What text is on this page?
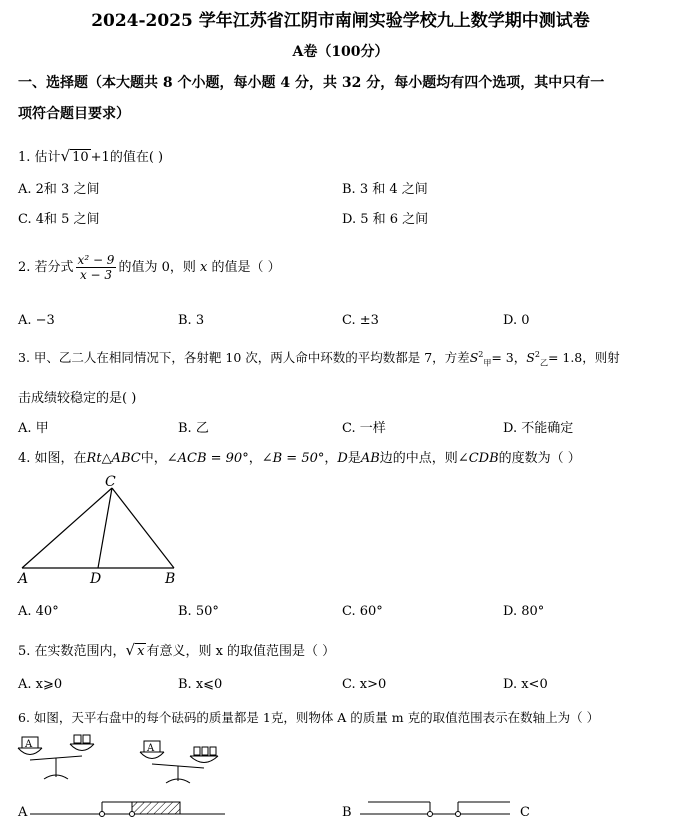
2024-2025 学年江苏省江阴市南闸实验学校九上数学期中测试卷
A卷（100分）
一、选择题（本大题共 8 个小题，每小题 4 分，共 32 分，每小题均有四个选项，其中只有一
项符合题目要求）
1. 估计√ 10 +1的值在( )
A. 2和 3 之间	B. 3 和 4 之间
C. 4和 5 之间	D. 5 和 6 之间
2. 若分式 $\frac{\text{x² − 9}}{x - 3}$ 的值为 0，则 x 的值是（ ）
A. −3	B. 3	C. ±3	D. 0
3. 甲、乙二人在相同情况下，各射靶 10 次，两人命中环数的平均数都是 7，方差$S^2_甲= 3$，$S^2_乙= 1.8$，则射
击成绩较稳定的是( )
A. 甲	B. 乙	C. 一样	D. 不能确定
4. 如图，在Rt△ABC中，∠ACB = 90°，∠B = 50°，D是AB边的中点，则∠CDB的度数为（ ）
C
A	D	B
A. 40°	B. 50°	C. 60°	D. 80°
5. 在实数范围内，√ x 有意义，则 x 的取值范围是（ ）
A. x⩾0	B. x⩽0	C. x>0	D. x<0
6. 如图，天平右盘中的每个砝码的质量都是 1克，则物体 A 的质量 m 克的取值范围表示在数轴上为（ ）
A	A
A	B	C
